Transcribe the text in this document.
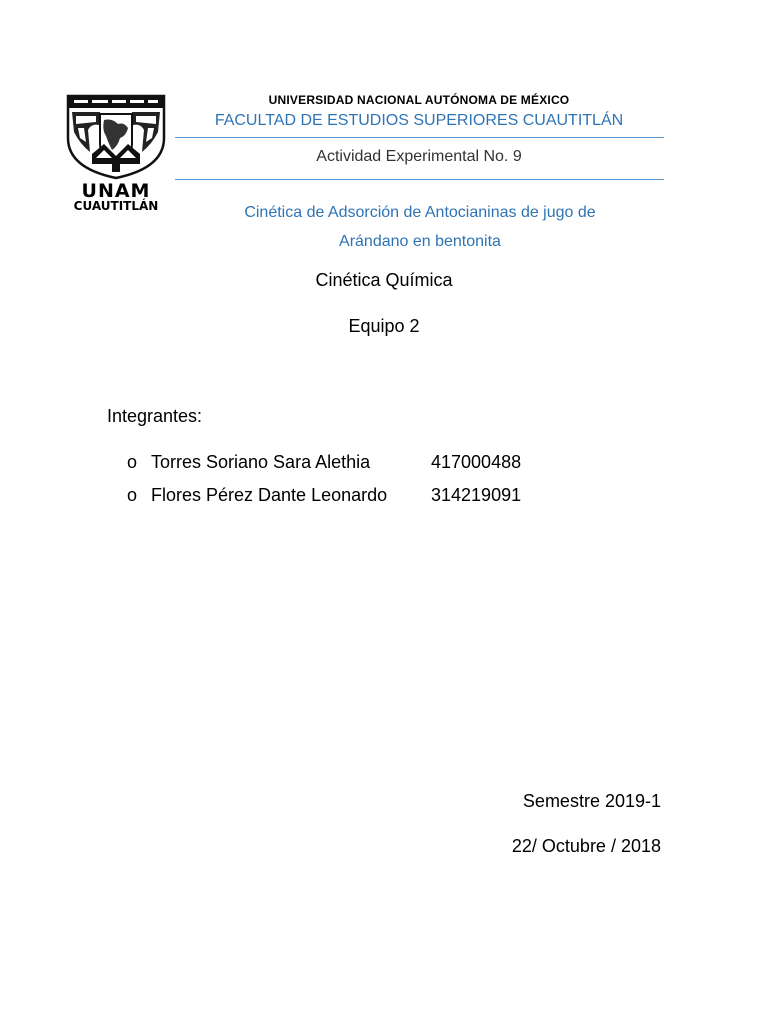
UNAM
CUAUTITLÁN
UNIVERSIDAD NACIONAL AUTÓNOMA DE MÉXICO
FACULTAD DE ESTUDIOS SUPERIORES CUAUTITLÁN
Actividad Experimental No. 9
Cinética de Adsorción de Antocianinas de jugo de
Arándano en bentonita
Cinética Química
Equipo 2
Integrantes:
o Torres Soriano Sara Alethia	417000488
o Flores Pérez Dante Leonardo 314219091
Semestre 2019-1
22/ Octubre / 2018
